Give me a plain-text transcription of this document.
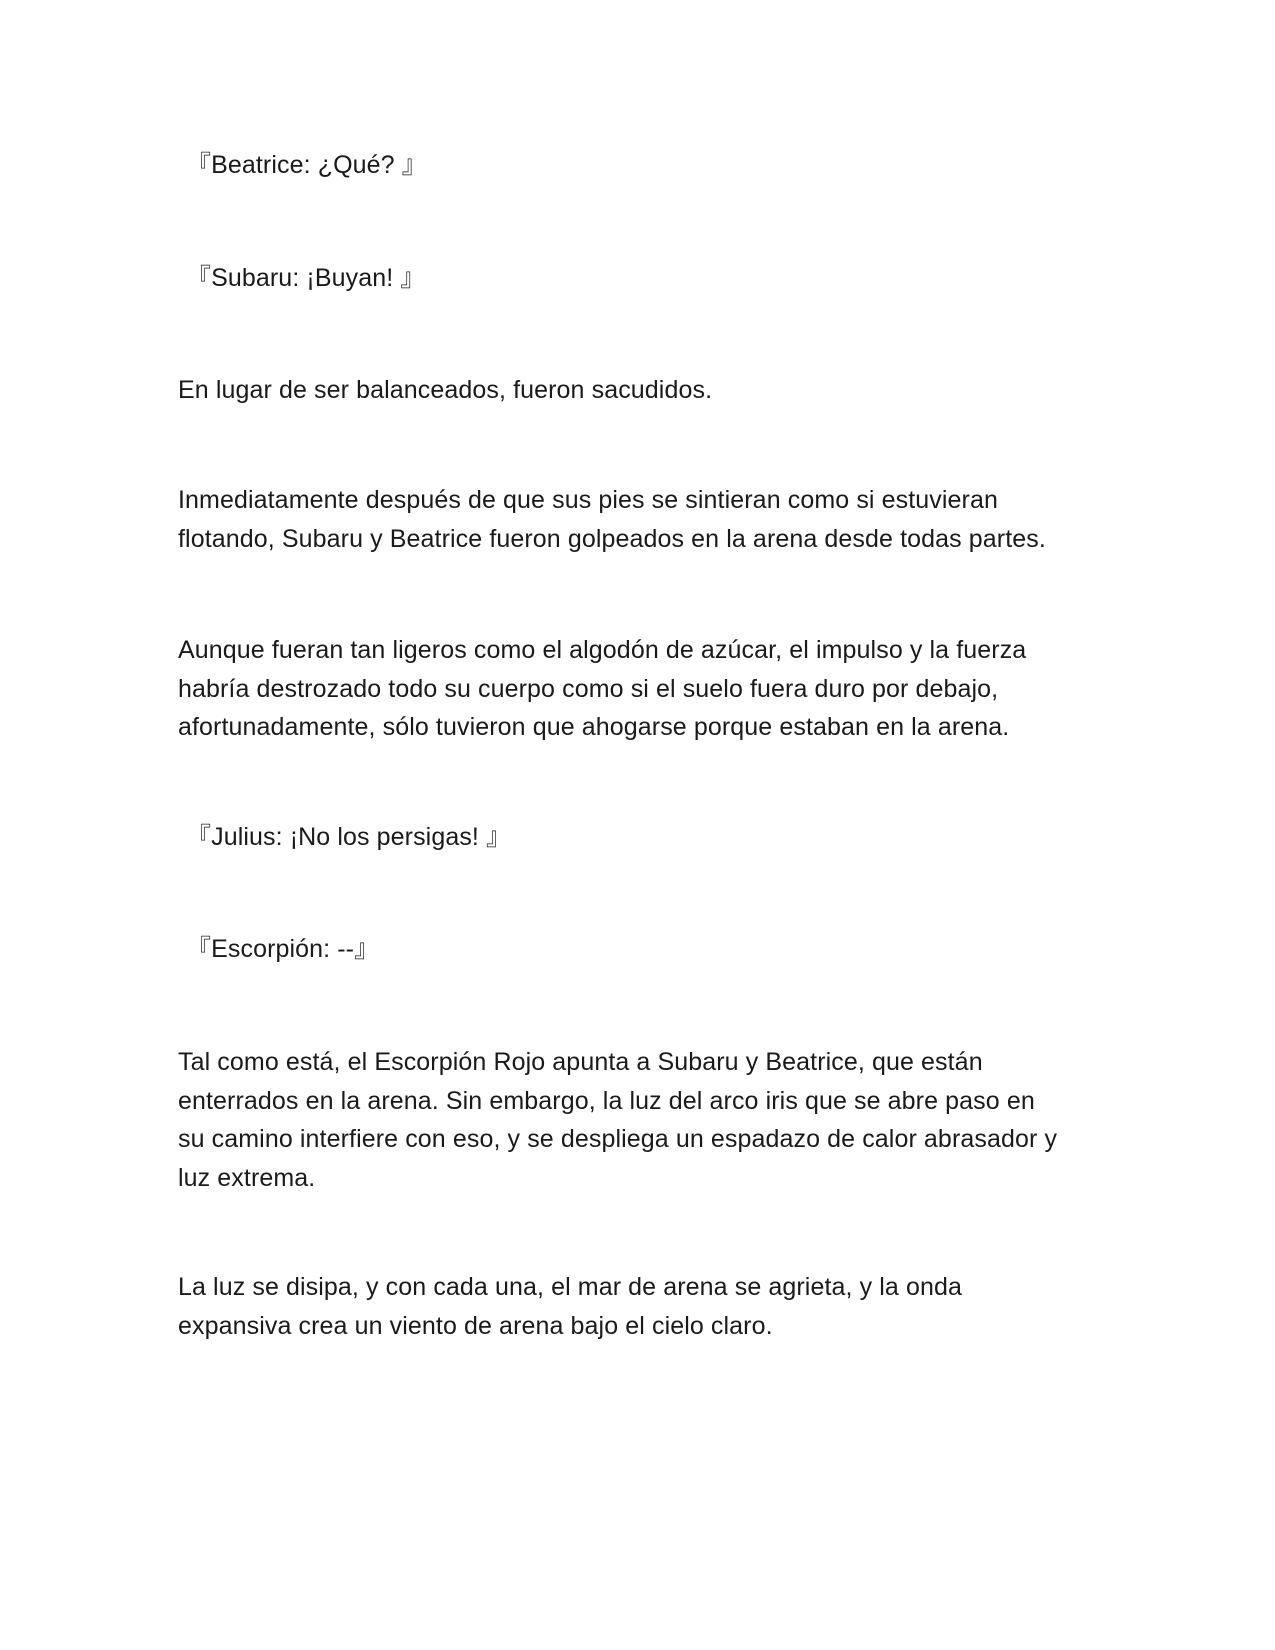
『Beatrice: ¿Qué? 』
『Subaru: ¡Buyan! 』
En lugar de ser balanceados, fueron sacudidos.
Inmediatamente después de que sus pies se sintieran como si estuvieran
flotando, Subaru y Beatrice fueron golpeados en la arena desde todas partes.
Aunque fueran tan ligeros como el algodón de azúcar, el impulso y la fuerza
habría destrozado todo su cuerpo como si el suelo fuera duro por debajo,
afortunadamente, sólo tuvieron que ahogarse porque estaban en la arena.
『Julius: ¡No los persigas! 』
『Escorpión: --』
Tal como está, el Escorpión Rojo apunta a Subaru y Beatrice, que están
enterrados en la arena. Sin embargo, la luz del arco iris que se abre paso en
su camino interfiere con eso, y se despliega un espadazo de calor abrasador y
luz extrema.
La luz se disipa, y con cada una, el mar de arena se agrieta, y la onda
expansiva crea un viento de arena bajo el cielo claro.
